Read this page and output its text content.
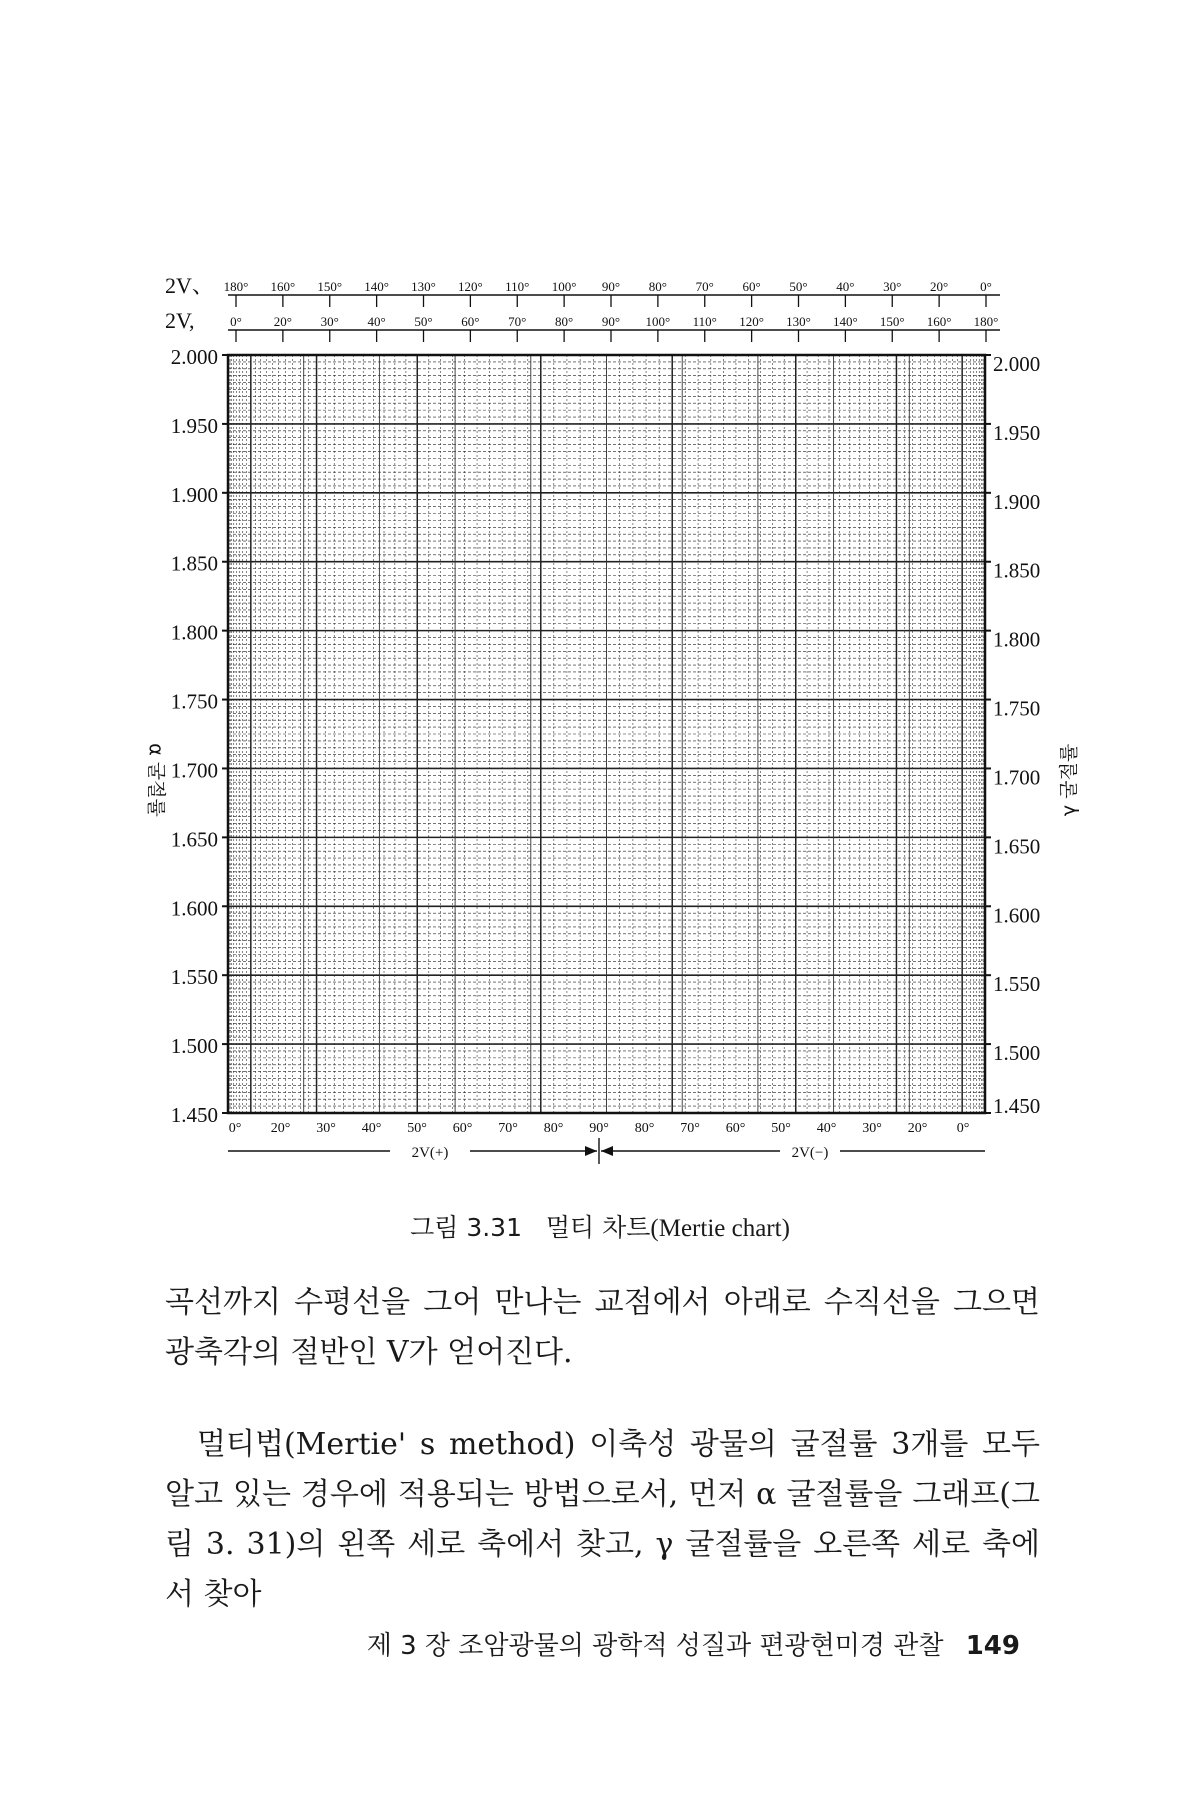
2V、 180° 160° 150° 140° 130° 120° 110° 100° 90° 80° 70° 60° 50° 40° 30° 20° 0°
2V,	0° 20° 30° 40° 50° 60° 70° 80° 90° 100° 110° 120° 130° 140° 150° 160° 180°
2.000
1.950
1.900
1.850
1.800
1.750
1.700
1.650
1.600
1.550
1.500
1.450
α 굴절률
2.000
1.950
1.900
1.850
1.800
1.750
1.700
1.650
1.600
1.550
1.500
1.450
γ 굴절률
0° 20° 30° 40° 50° 60° 70° 80° 90° 80° 70° 60° 50° 40° 30° 20° 0°
2V(+)	2V(−)
그림 3.31 멀티 차트(Mertie chart)

곡선까지 수평선을 그어 만나는 교점에서 아래로 수직선을 그으면 광축각의 절반인 V가 얻어진다.

멀티법(Mertie' s method) 이축성 광물의 굴절률 3개를 모두 알고 있는 경우에 적용되는 방법으로서, 먼저 α 굴절률을 그래프(그림 3. 31)의 왼쪽 세로 축에서 찾고, γ 굴절률을 오른쪽 세로 축에서 찾아

제 3 장 조암광물의 광학적 성질과 편광현미경 관찰 149
